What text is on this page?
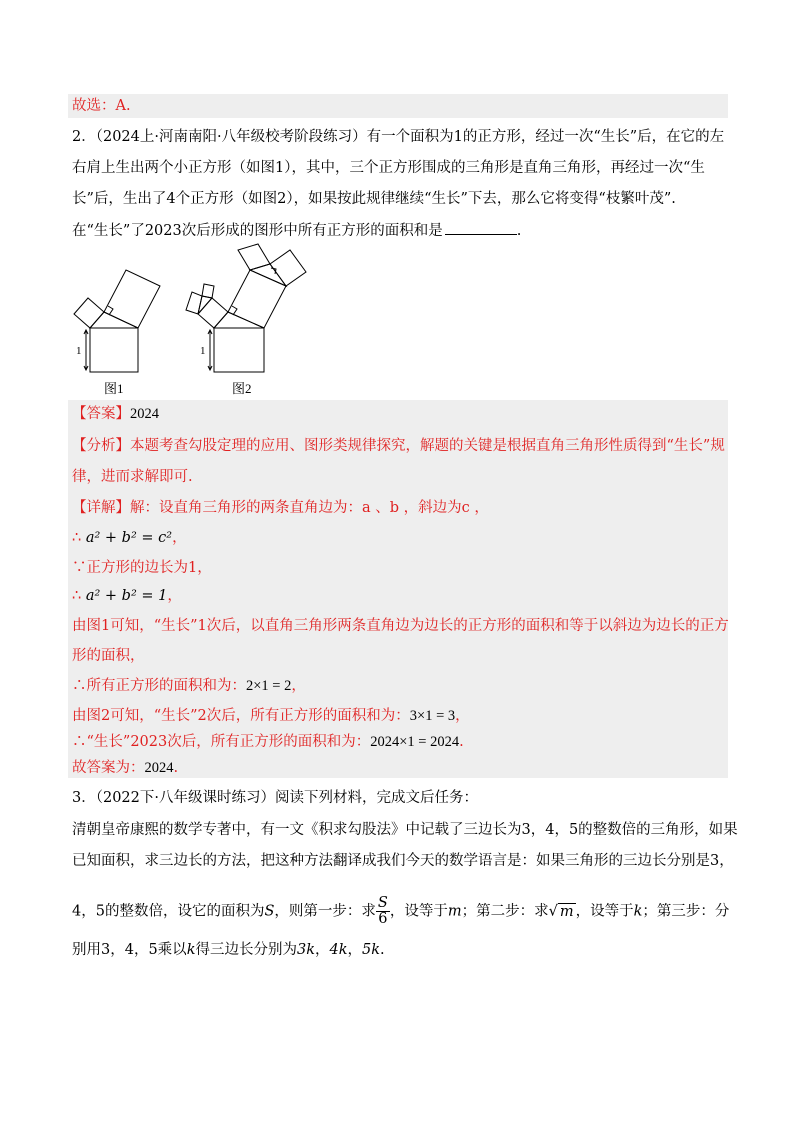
故选：A.
2．（2024上·河南南阳·八年级校考阶段练习）有一个面积为1的正方形，经过一次“生长”后，在它的左
右肩上生出两个小正方形（如图1），其中，三个正方形围成的三角形是直角三角形，再经过一次“生
长”后，生出了4个正方形（如图2），如果按此规律继续“生长”下去，那么它将变得“枝繁叶茂”.
在“生长”了2023次后形成的图形中所有正方形的面积和是	.
1
图1
1
图2
【答案】2024
【分析】本题考查勾股定理的应用、图形类规律探究，解题的关键是根据直角三角形性质得到“生长”规
律，进而求解即可.
【详解】解：设直角三角形的两条直角边为：a 、b ，斜边为c ，
∴ a² + b² = c²，
∵正方形的边长为1，
∴ a² + b² = 1，
由图1可知，“生长”1次后，以直角三角形两条直角边为边长的正方形的面积和等于以斜边为边长的正方
形的面积，
∴所有正方形的面积和为：2×1 = 2，
由图2可知，“生长”2次后，所有正方形的面积和为：3×1 = 3，
∴“生长”2023次后，所有正方形的面积和为：2024×1 = 2024.
故答案为：2024.
3．（2022下·八年级课时练习）阅读下列材料，完成文后任务：
清朝皇帝康熙的数学专著中，有一文《积求勾股法》中记载了三边长为3，4，5的整数倍的三角形，如果
已知面积，求三边长的方法，把这种方法翻译成我们今天的数学语言是：如果三角形的三边长分别是3，
4，5的整数倍，设它的面积为S，则第一步：求 $\frac{S}{6}$ ，设等于m；第二步：求√ m ，设等于k；第三步：分
别用3，4，5乘以k得三边长分别为3k，4k，5k.
